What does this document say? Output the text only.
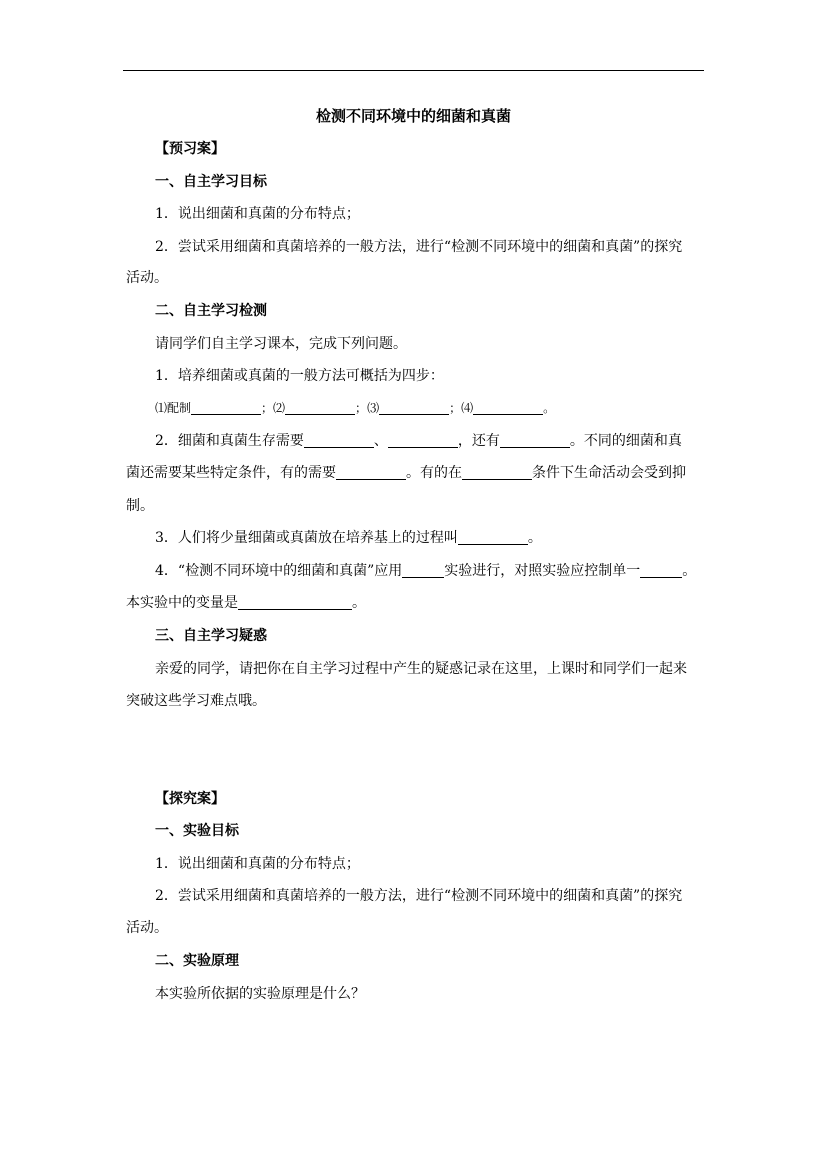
检测不同环境中的细菌和真菌
【预习案】
一、自主学习目标
1．说出细菌和真菌的分布特点；
2．尝试采用细菌和真菌培养的一般方法，进行“检测不同环境中的细菌和真菌”的探究
活动。
二、自主学习检测
请同学们自主学习课本，完成下列问题。
1．培养细菌或真菌的一般方法可概括为四步：
⑴配制	；⑵	；⑶	；⑷	。
2．细菌和真菌生存需要	、	，还有	。不同的细菌和真
菌还需要某些特定条件，有的需要	。有的在	条件下生命活动会受到抑
制。
3．人们将少量细菌或真菌放在培养基上的过程叫	。
4．“检测不同环境中的细菌和真菌”应用	实验进行，对照实验应控制单一	。
本实验中的变量是	。
三、自主学习疑惑
亲爱的同学，请把你在自主学习过程中产生的疑惑记录在这里，上课时和同学们一起来
突破这些学习难点哦。
【探究案】
一、实验目标
1．说出细菌和真菌的分布特点；
2．尝试采用细菌和真菌培养的一般方法，进行“检测不同环境中的细菌和真菌”的探究
活动。
二、实验原理
本实验所依据的实验原理是什么？
